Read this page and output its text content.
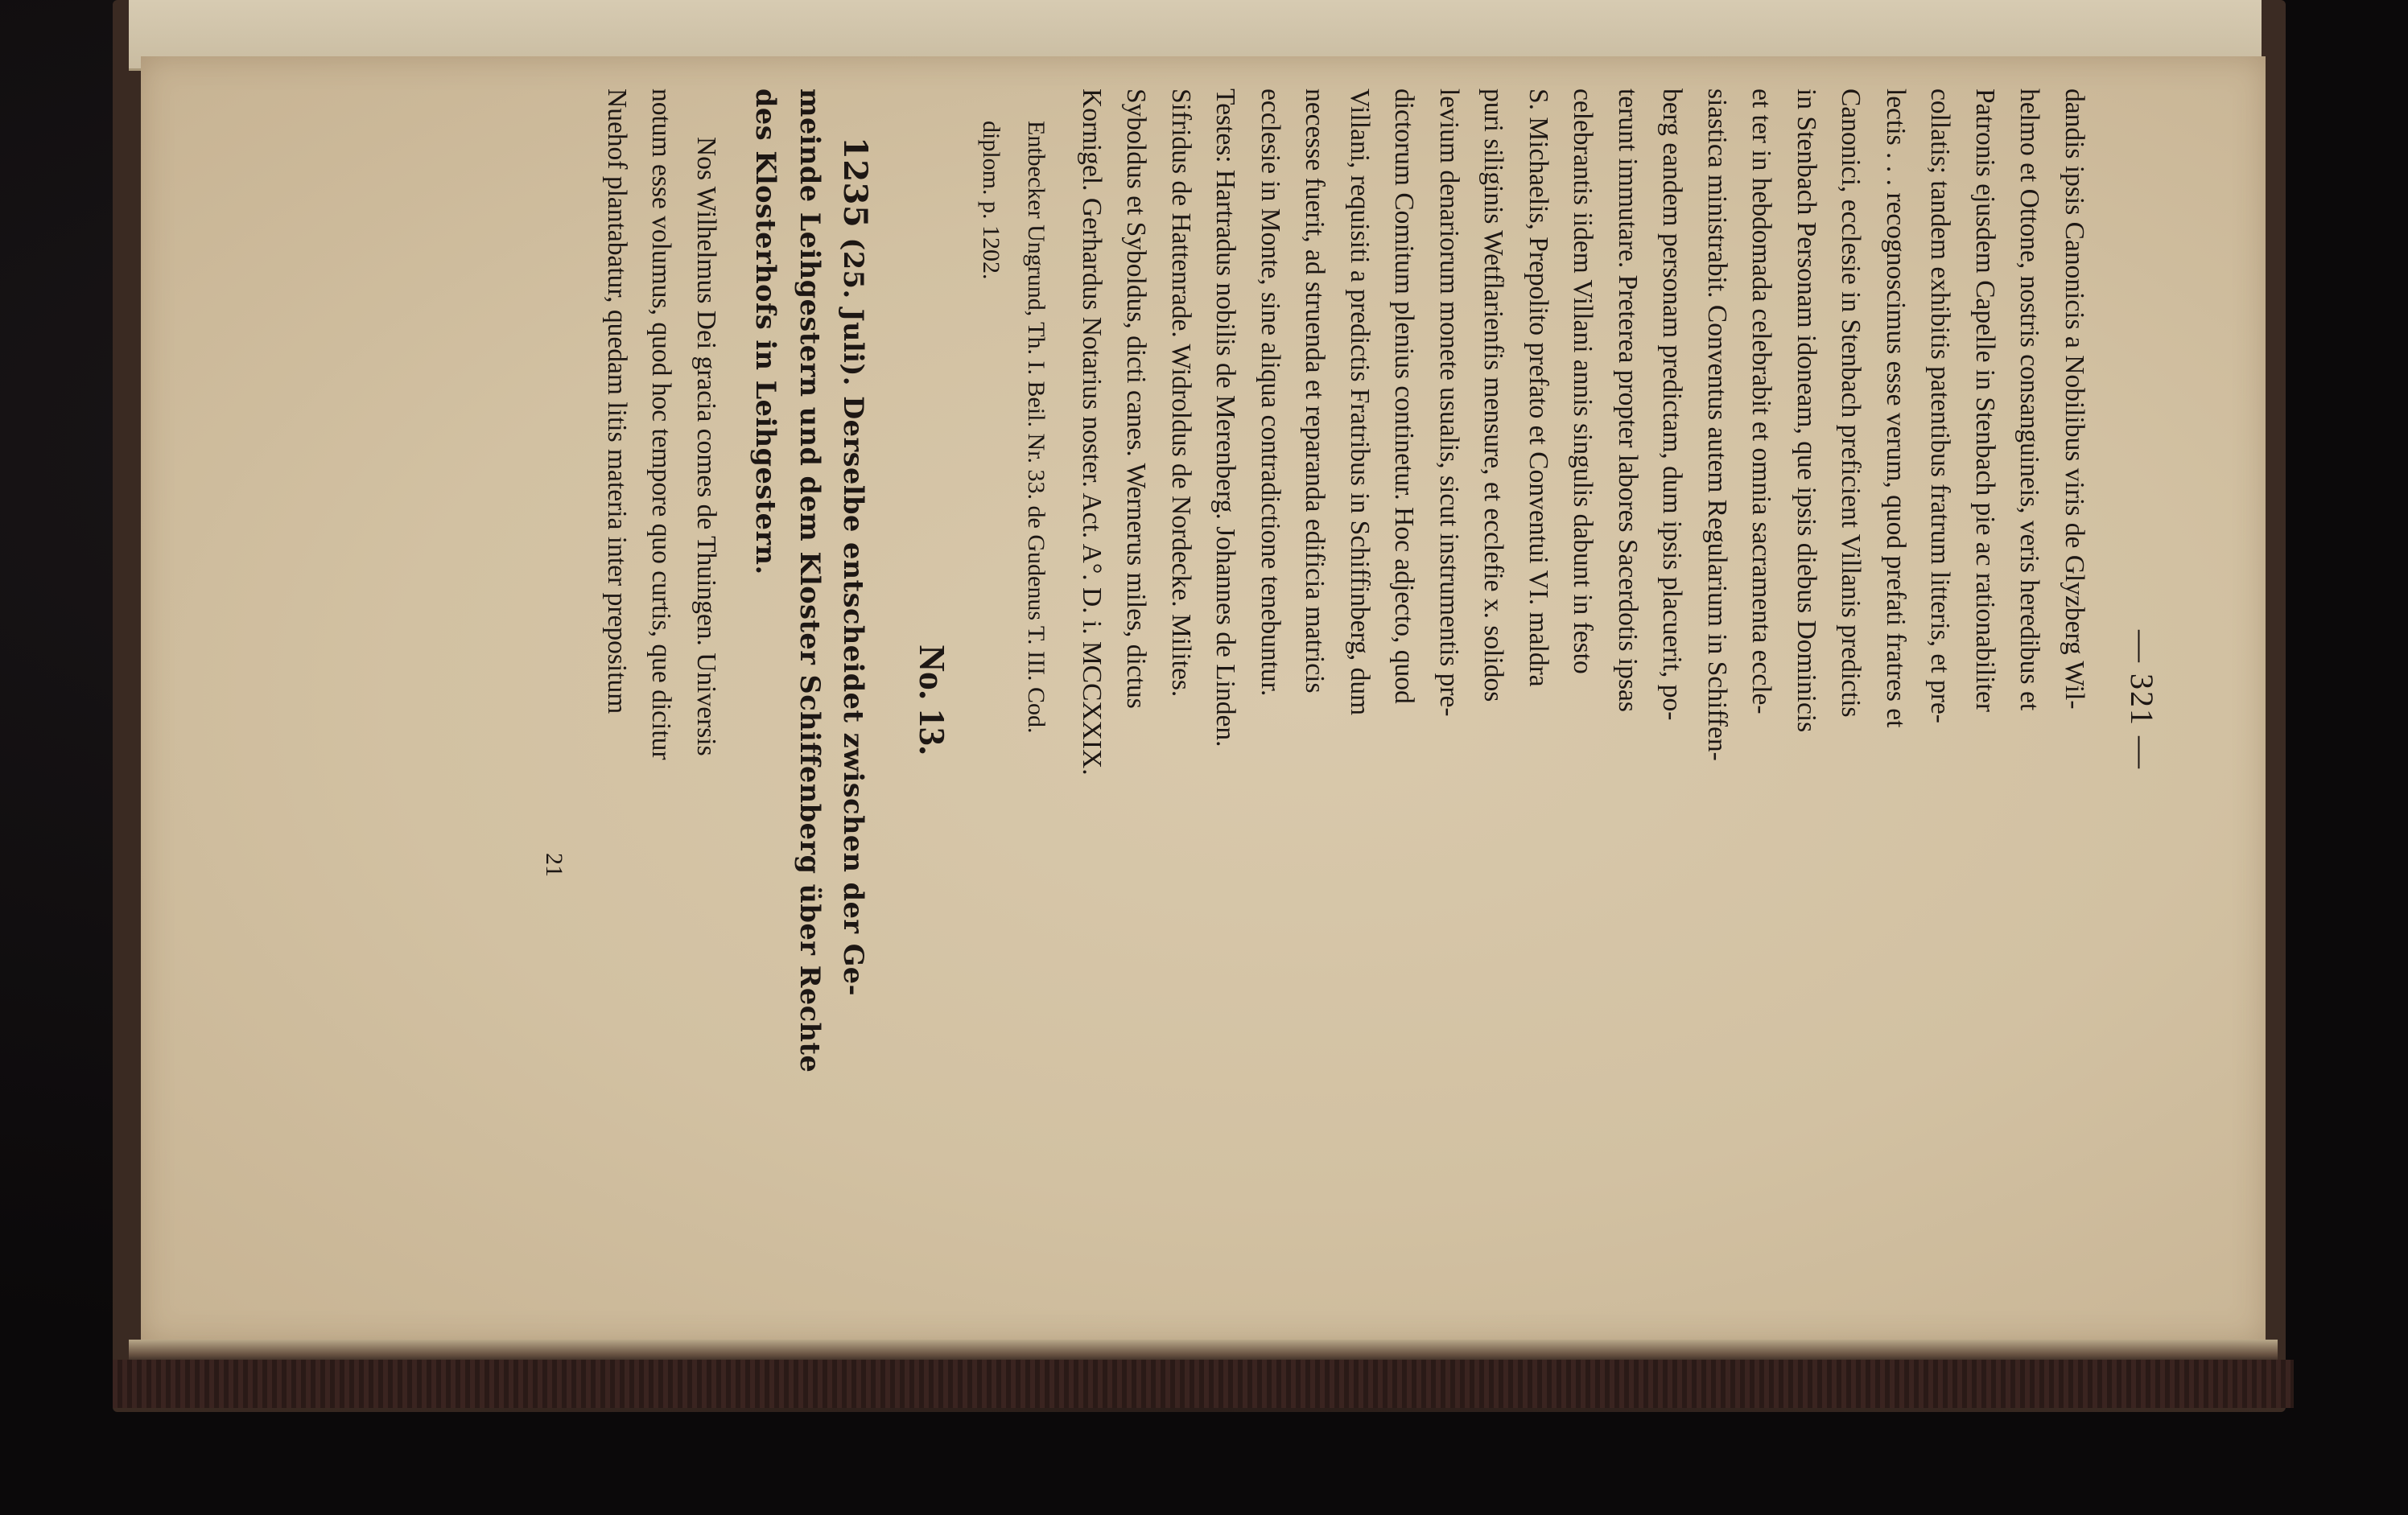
— 321 —
dandis ipsis Canonicis a Nobilibus viris de Glyzberg Wil-
helmo et Ottone, nostris consanguineis, veris heredibus et
Patronis ejusdem Capelle in Stenbach pie ac rationabiliter
collatis; tandem exhibitis patentibus fratrum litteris, et pre-
lectis . . . recognoscimus esse verum, quod prefati fratres et
Canonici, ecclesie in Stenbach preficient Villanis predictis
in Stenbach Personam idoneam, que ipsis diebus Dominicis
et ter in hebdomada celebrabit et omnia sacramenta eccle-
siastica ministrabit. Conventus autem Regularium in Schiffen-
berg eandem personam predictam, dum ipsis placuerit, po-
terunt immutare. Preterea propter labores Sacerdotis ipsas
celebrantis iidem Villani annis singulis dabunt in festo
S. Michaelis, Prepolito prefato et Conventui VI. maldra
puri siliginis Wetflarienfis mensure, et ecclefie x. solidos
levium denariorum monete usualis, sicut instrumentis pre-
dictorum Comitum plenius continetur. Hoc adjecto, quod
Villani, requisiti a predictis Fratribus in Schiffinberg, dum
necesse fuerit, ad struenda et reparanda edificia matricis
ecclesie in Monte, sine aliqua contradictione tenebuntur.
Testes: Hartradus nobilis de Merenberg. Johannes de Linden.
Sifridus de Hattenrade. Widroldus de Nordecke. Milites.
Syboldus et Syboldus, dicti canes. Wernerus miles, dictus
Kornigel. Gerhardus Notarius noster. Act. A°. D. i. MCCXXIX.
Entbecker Ungrund, Th. I. Beil. Nr. 33. de Gudenus T. III. Cod.
diplom. p. 1202.
No. 13.
1235 (25. Juli). Derselbe entscheidet zwischen der Ge-
meinde Leihgestern und dem Kloster Schiffenberg über Rechte
des Klosterhofs in Leihgestern.
Nos Wilhelmus Dei gracia comes de Thuingen. Universis
notum esse volumus, quod hoc tempore quo curtis, que dicitur
Nuehof plantabatur, quedam litis materia inter prepositum
21
